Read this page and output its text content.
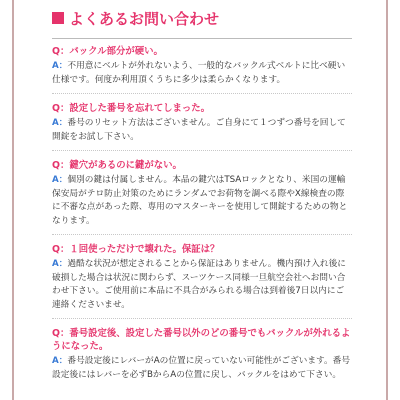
よくあるお問い合わせ

Q：バックル部分が硬い。

A：不用意にベルトが外れないよう、一般的なバックル式ベルトに比べ硬い仕様です。何度か利用頂くうちに多少は柔らかくなります。

Q：設定した番号を忘れてしまった。

A：番号のリセット方法はございません。ご自身にて１つずつ番号を回して開錠をお試し下さい。

Q：鍵穴があるのに鍵がない。

A：個別の鍵は付属しません。本品の鍵穴はTSAロックとなり、米国の運輸保安局がテロ防止対策のためにランダムでお荷物を調べる際やX線検査の際に不審な点があった際、専用のマスターキーを使用して開錠するための物となります。

Q：１回使っただけで壊れた。保証は？

A：過酷な状況が想定されることから保証はありません。機内預け入れ後に破損した場合は状況に関わらず、スーツケース同様一旦航空会社へお問い合わせ下さい。ご使用前に本品に不具合がみられる場合は到着後7日以内にご連絡くださいませ。

Q：番号設定後、設定した番号以外のどの番号でもバックルが外れるようになった。

A：番号設定後にレバーがAの位置に戻っていない可能性がございます。番号設定後にはレバーを必ずBからAの位置に戻し、バックルをはめて下さい。
